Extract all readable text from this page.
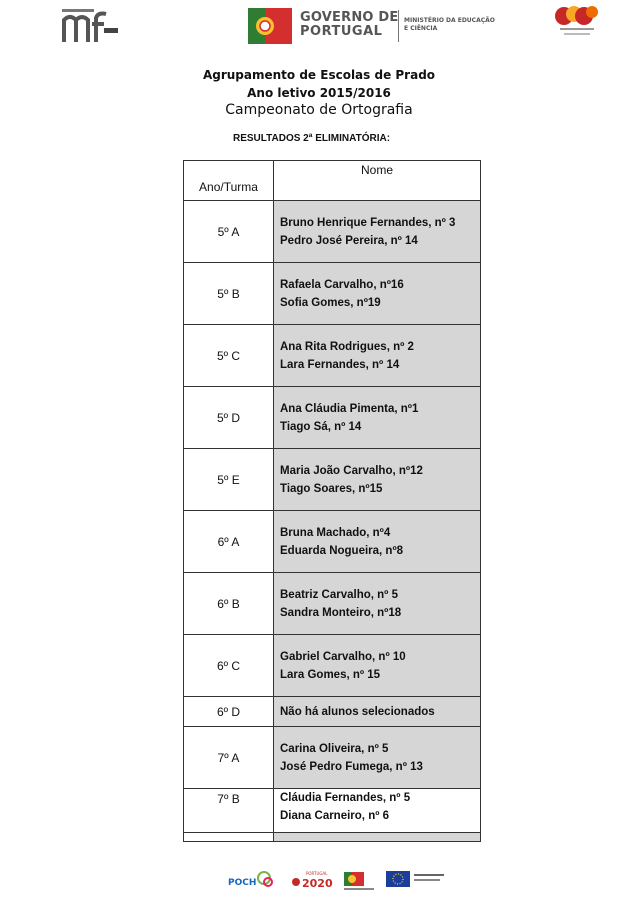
GOVERNO DE
PORTUGAL
MINISTÉRIO DA EDUCAÇÃO
E CIÊNCIA
Agrupamento de Escolas de Prado
Ano letivo 2015/2016
Campeonato de Ortografia
RESULTADOS 2ª ELIMINATÓRIA:
Ano/Turma	Nome
5º A	Bruno Henrique Fernandes, nº 3
Pedro José Pereira, nº 14

5º B	Rafaela Carvalho, nº16
Sofia Gomes, nº19

5º C	Ana Rita Rodrigues, nº 2
Lara Fernandes, nº 14

5º D	Ana Cláudia Pimenta, nº1
Tiago Sá, nº 14

5º E	Maria João Carvalho, nº12
Tiago Soares, nº15

6º A	Bruna Machado, nº4
Eduarda Nogueira, nº8

6º B	Beatriz Carvalho, nº 5
Sandra Monteiro, nº18

6º C	Gabriel Carvalho, nº 10
Lara Gomes, nº 15

6º D	Não há alunos selecionados

7º A	Carina Oliveira, nº 5
José Pedro Fumega, nº 13

7º B	Cláudia Fernandes, nº 5
Diana Carneiro, nº 6

POCH	2020
PORTUGAL
